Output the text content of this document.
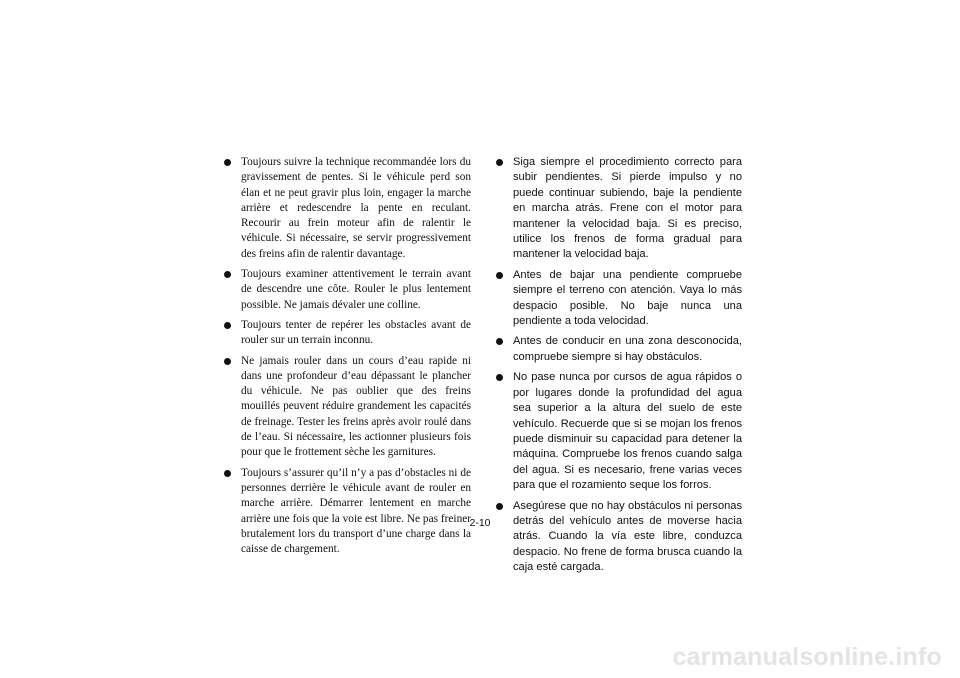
Toujours suivre la technique recommandée lors du gravissement de pentes. Si le véhicule perd son élan et ne peut gravir plus loin, engager la marche arrière et redescendre la pente en reculant. Recourir au frein moteur afin de ralentir le véhicule. Si nécessaire, se servir progressivement des freins afin de ralentir davantage.
Toujours examiner attentivement le terrain avant de descendre une côte. Rouler le plus lentement possible. Ne jamais dévaler une colline.
Toujours tenter de repérer les obstacles avant de rouler sur un terrain inconnu.
Ne jamais rouler dans un cours d’eau rapide ni dans une profondeur d’eau dépassant le plancher du véhicule. Ne pas oublier que des freins mouillés peuvent réduire grandement les capacités de freinage. Tester les freins après avoir roulé dans de l’eau. Si nécessaire, les actionner plusieurs fois pour que le frottement sèche les garnitures.
Toujours s’assurer qu’il n’y a pas d’obstacles ni de personnes derrière le véhicule avant de rouler en marche arrière. Démarrer lentement en marche arrière une fois que la voie est libre. Ne pas freiner brutalement lors du transport d’une charge dans la caisse de chargement.
Siga siempre el procedimiento correcto para subir pendientes. Si pierde impulso y no puede continuar subiendo, baje la pendiente en marcha atrás. Frene con el motor para mantener la velocidad baja. Si es preciso, utilice los frenos de forma gradual para mantener la velocidad baja.
Antes de bajar una pendiente compruebe siempre el terreno con atención. Vaya lo más despacio posible. No baje nunca una pendiente a toda velocidad.
Antes de conducir en una zona desconocida, compruebe siempre si hay obstáculos.
No pase nunca por cursos de agua rápidos o por lugares donde la profundidad del agua sea superior a la altura del suelo de este vehículo. Recuerde que si se mojan los frenos puede disminuir su capacidad para detener la máquina. Compruebe los frenos cuando salga del agua. Si es necesario, frene varias veces para que el rozamiento seque los forros.
Asegúrese que no hay obstáculos ni personas detrás del vehículo antes de moverse hacia atrás. Cuando la vía este libre, conduzca despacio. No frene de forma brusca cuando la caja esté cargada.
2-10
carmanualsonline.info
